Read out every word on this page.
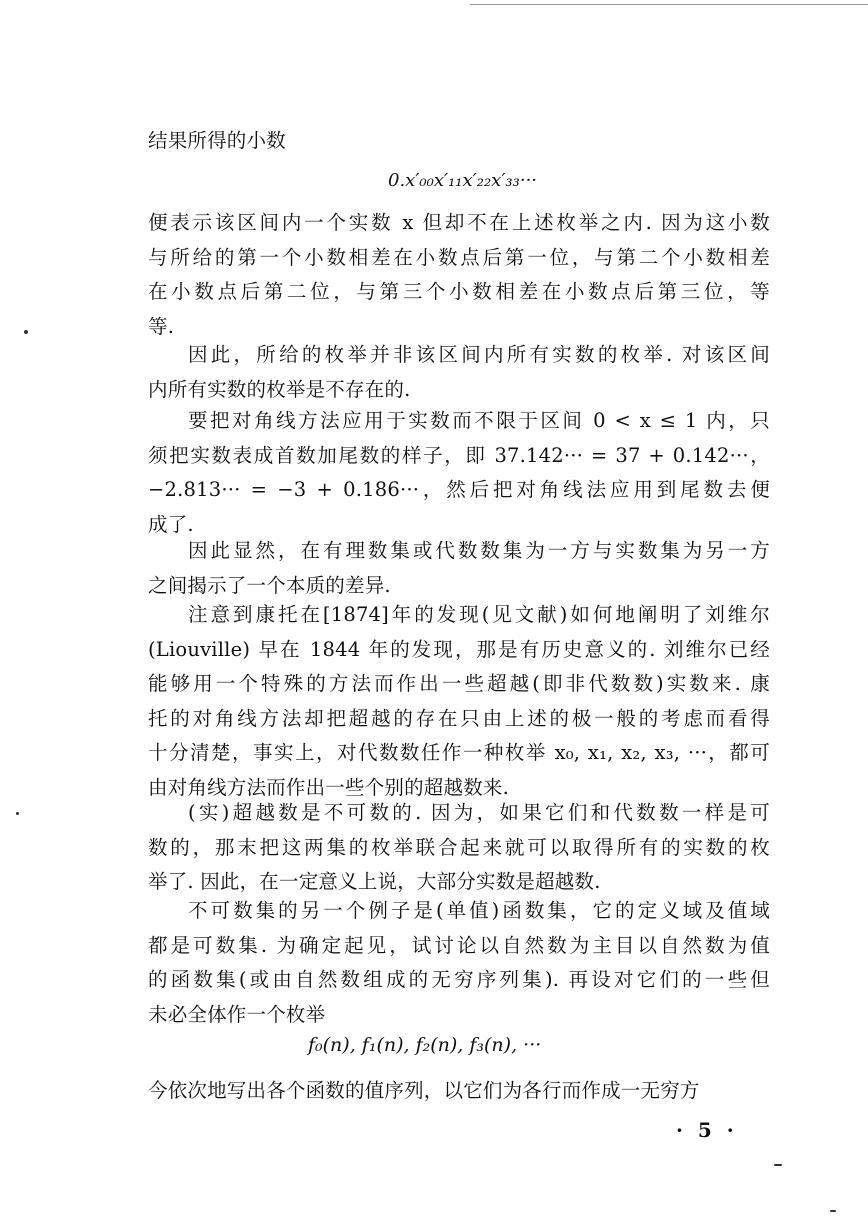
结果所得的小数
0.x′₀₀x′₁₁x′₂₂x′₃₃···
便表示该区间内一个实数 x 但却不在上述枚举之内. 因为这小数
与所给的第一个小数相差在小数点后第一位，与第二个小数相差
在小数点后第二位，与第三个小数相差在小数点后第三位，等
等.
因此，所给的枚举并非该区间内所有实数的枚举. 对该区间
内所有实数的枚举是不存在的.
要把对角线方法应用于实数而不限于区间 0 < x ≤ 1 内，只
须把实数表成首数加尾数的样子，即 37.142··· = 37 + 0.142···，
−2.813··· = −3 + 0.186···，然后把对角线法应用到尾数去便
成了.
因此显然，在有理数集或代数数集为一方与实数集为另一方
之间揭示了一个本质的差异.
注意到康托在[1874]年的发现(见文献)如何地阐明了刘维尔
(Liouville) 早在 1844 年的发现，那是有历史意义的. 刘维尔已经
能够用一个特殊的方法而作出一些超越(即非代数数)实数来. 康
托的对角线方法却把超越的存在只由上述的极一般的考虑而看得
十分清楚，事实上，对代数数任作一种枚举 x₀, x₁, x₂, x₃, ···，都可
由对角线方法而作出一些个别的超越数来.
(实)超越数是不可数的. 因为，如果它们和代数数一样是可
数的，那末把这两集的枚举联合起来就可以取得所有的实数的枚
举了. 因此，在一定意义上说，大部分实数是超越数.
不可数集的另一个例子是(单值)函数集，它的定义域及值域
都是可数集. 为确定起见，试讨论以自然数为主目以自然数为值
的函数集(或由自然数组成的无穷序列集). 再设对它们的一些但
未必全体作一个枚举
f₀(n), f₁(n), f₂(n), f₃(n), ···
今依次地写出各个函数的值序列，以它们为各行而作成一无穷方
· 5 ·
